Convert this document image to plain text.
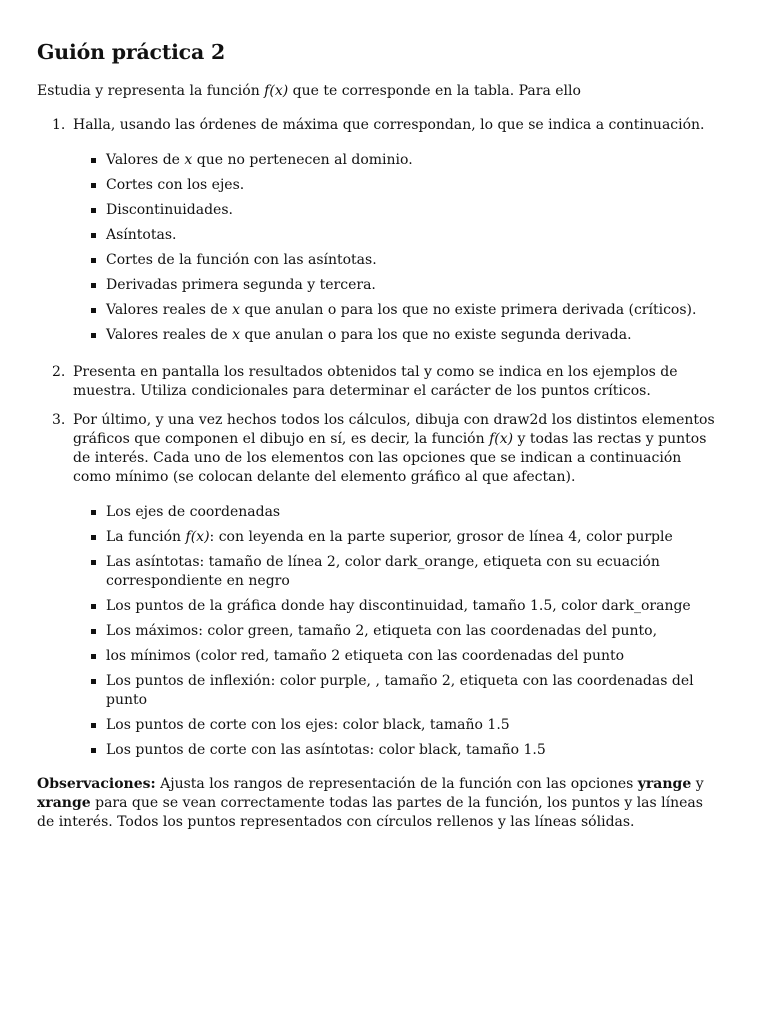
Guión práctica 2

Estudia y representa la función f(x) que te corresponde en la tabla. Para ello

1. Halla, usando las órdenes de máxima que correspondan, lo que se indica a continuación.
Valores de x que no pertenecen al dominio.
Cortes con los ejes.
Discontinuidades.
Asíntotas.
Cortes de la función con las asíntotas.
Derivadas primera segunda y tercera.
Valores reales de x que anulan o para los que no existe primera derivada (críticos).
Valores reales de x que anulan o para los que no existe segunda derivada.
2. Presenta en pantalla los resultados obtenidos tal y como se indica en los ejemplos de muestra. Utiliza condicionales para determinar el carácter de los puntos críticos.
3. Por último, y una vez hechos todos los cálculos, dibuja con draw2d los distintos elementos gráficos que componen el dibujo en sí, es decir, la función f(x) y todas las rectas y puntos de interés. Cada uno de los elementos con las opciones que se indican a continuación como mínimo (se colocan delante del elemento gráfico al que afectan).
Los ejes de coordenadas
La función f(x): con leyenda en la parte superior, grosor de línea 4, color purple
Las asíntotas: tamaño de línea 2, color dark_orange, etiqueta con su ecuación correspondiente en negro
Los puntos de la gráfica donde hay discontinuidad, tamaño 1.5, color dark_orange
Los máximos: color green, tamaño 2, etiqueta con las coordenadas del punto,
los mínimos (color red, tamaño 2 etiqueta con las coordenadas del punto
Los puntos de inflexión: color purple, , tamaño 2, etiqueta con las coordenadas del punto
Los puntos de corte con los ejes: color black, tamaño 1.5
Los puntos de corte con las asíntotas: color black, tamaño 1.5

Observaciones: Ajusta los rangos de representación de la función con las opciones yrange y xrange para que se vean correctamente todas las partes de la función, los puntos y las líneas de interés. Todos los puntos representados con círculos rellenos y las líneas sólidas.
